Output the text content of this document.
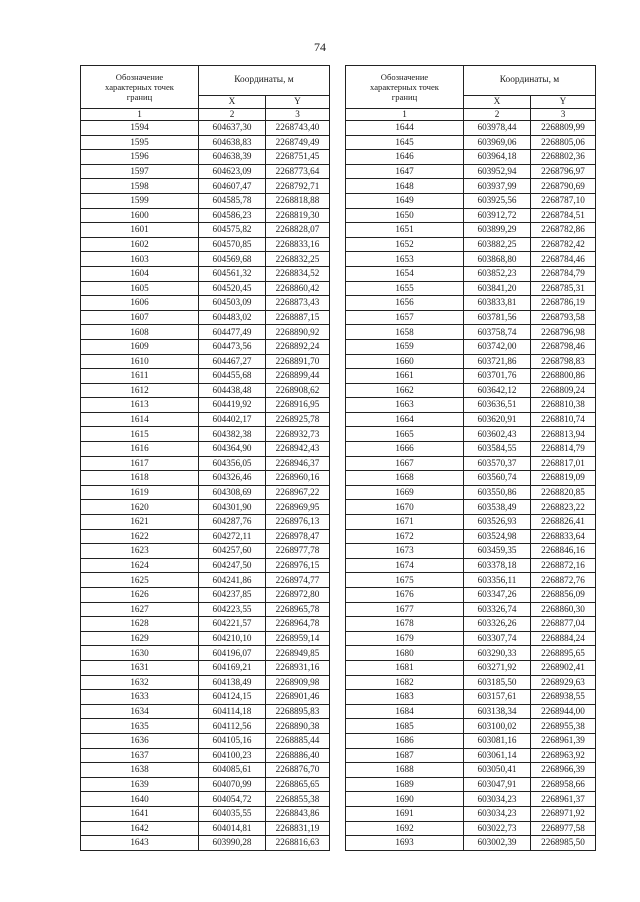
74
Обозначение
характерных точек
границ	Координаты, м	
	X	Y
1	2	3
1594	604637,30	2268743,40
1595	604638,83	2268749,49
1596	604638,39	2268751,45
1597	604623,09	2268773,64
1598	604607,47	2268792,71
1599	604585,78	2268818,88
1600	604586,23	2268819,30
1601	604575,82	2268828,07
1602	604570,85	2268833,16
1603	604569,68	2268832,25
1604	604561,32	2268834,52
1605	604520,45	2268860,42
1606	604503,09	2268873,43
1607	604483,02	2268887,15
1608	604477,49	2268890,92
1609	604473,56	2268892,24
1610	604467,27	2268891,70
1611	604455,68	2268899,44
1612	604438,48	2268908,62
1613	604419,92	2268916,95
1614	604402,17	2268925,78
1615	604382,38	2268932,73
1616	604364,90	2268942,43
1617	604356,05	2268946,37
1618	604326,46	2268960,16
1619	604308,69	2268967,22
1620	604301,90	2268969,95
1621	604287,76	2268976,13
1622	604272,11	2268978,47
1623	604257,60	2268977,78
1624	604247,50	2268976,15
1625	604241,86	2268974,77
1626	604237,85	2268972,80
1627	604223,55	2268965,78
1628	604221,57	2268964,78
1629	604210,10	2268959,14
1630	604196,07	2268949,85
1631	604169,21	2268931,16
1632	604138,49	2268909,98
1633	604124,15	2268901,46
1634	604114,18	2268895,83
1635	604112,56	2268890,38
1636	604105,16	2268885,44
1637	604100,23	2268886,40
1638	604085,61	2268876,70
1639	604070,99	2268865,65
1640	604054,72	2268855,38
1641	604035,55	2268843,86
1642	604014,81	2268831,19
1643	603990,28	2268816,63
Обозначение
характерных точек
границ	Координаты, м	
	X	Y
1	2	3
1644	603978,44	2268809,99
1645	603969,06	2268805,06
1646	603964,18	2268802,36
1647	603952,94	2268796,97
1648	603937,99	2268790,69
1649	603925,56	2268787,10
1650	603912,72	2268784,51
1651	603899,29	2268782,86
1652	603882,25	2268782,42
1653	603868,80	2268784,46
1654	603852,23	2268784,79
1655	603841,20	2268785,31
1656	603833,81	2268786,19
1657	603781,56	2268793,58
1658	603758,74	2268796,98
1659	603742,00	2268798,46
1660	603721,86	2268798,83
1661	603701,76	2268800,86
1662	603642,12	2268809,24
1663	603636,51	2268810,38
1664	603620,91	2268810,74
1665	603602,43	2268813,94
1666	603584,55	2268814,79
1667	603570,37	2268817,01
1668	603560,74	2268819,09
1669	603550,86	2268820,85
1670	603538,49	2268823,22
1671	603526,93	2268826,41
1672	603524,98	2268833,64
1673	603459,35	2268846,16
1674	603378,18	2268872,16
1675	603356,11	2268872,76
1676	603347,26	2268856,09
1677	603326,74	2268860,30
1678	603326,26	2268877,04
1679	603307,74	2268884,24
1680	603290,33	2268895,65
1681	603271,92	2268902,41
1682	603185,50	2268929,63
1683	603157,61	2268938,55
1684	603138,34	2268944,00
1685	603100,02	2268955,38
1686	603081,16	2268961,39
1687	603061,14	2268963,92
1688	603050,41	2268966,39
1689	603047,91	2268958,66
1690	603034,23	2268961,37
1691	603034,23	2268971,92
1692	603022,73	2268977,58
1693	603002,39	2268985,50
